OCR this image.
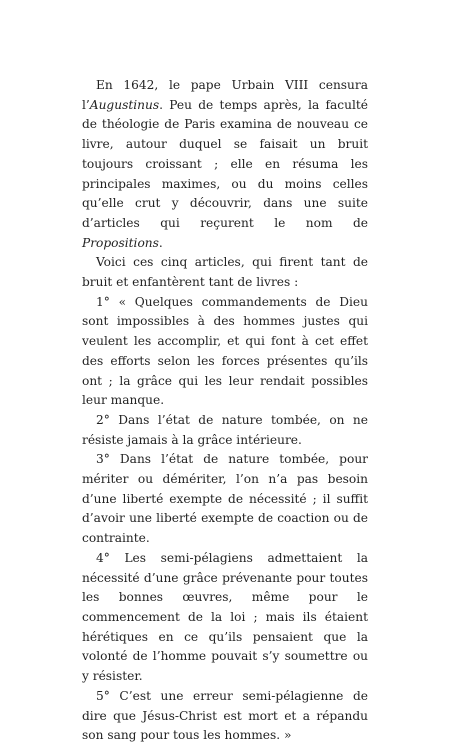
En 1642, le pape Urbain VIII censura l’Augustinus. Peu de temps après, la faculté de théologie de Paris examina de nouveau ce livre, autour duquel se faisait un bruit toujours croissant ; elle en résuma les principales maximes, ou du moins celles qu’elle crut y découvrir, dans une suite d’articles qui reçurent le nom de Propositions.

Voici ces cinq articles, qui firent tant de bruit et enfantèrent tant de livres :

1° « Quelques commandements de Dieu sont impossibles à des hommes justes qui veulent les accomplir, et qui font à cet effet des efforts selon les forces présentes qu’ils ont ; la grâce qui les leur rendait possibles leur manque.

2° Dans l’état de nature tombée, on ne résiste jamais à la grâce intérieure.

3° Dans l’état de nature tombée, pour mériter ou démériter, l’on n’a pas besoin d’une liberté exempte de nécessité ; il suffit d’avoir une liberté exempte de coaction ou de contrainte.

4° Les semi-pélagiens admettaient la nécessité d’une grâce prévenante pour toutes les bonnes œuvres, même pour le commencement de la loi ; mais ils étaient hérétiques en ce qu’ils pensaient que la volonté de l’homme pouvait s’y soumettre ou y résister.

5° C’est une erreur semi-pélagienne de dire que Jésus-Christ est mort et a répandu son sang pour tous les hommes. »
